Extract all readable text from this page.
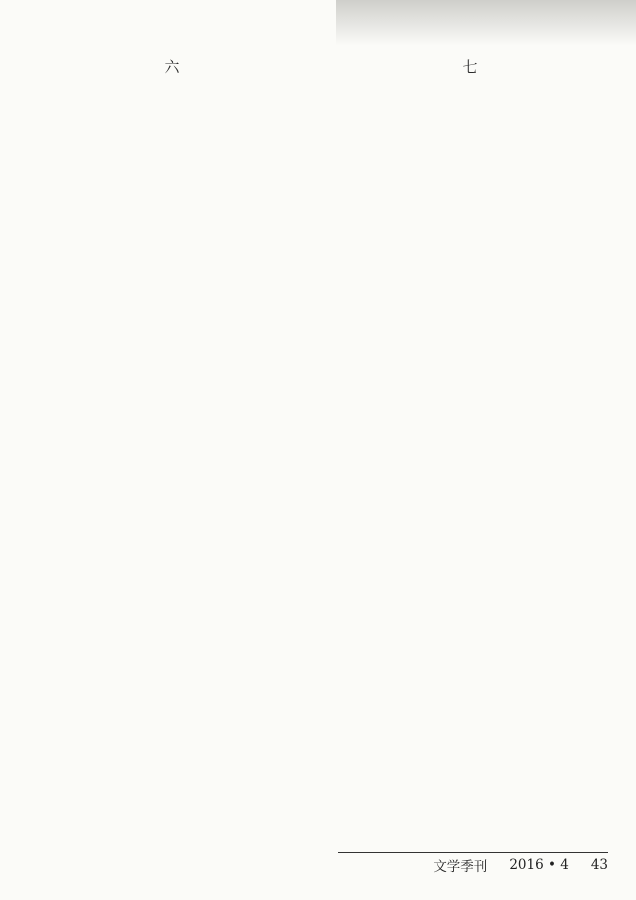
六	七

文学季刊 2016 • 4 43
